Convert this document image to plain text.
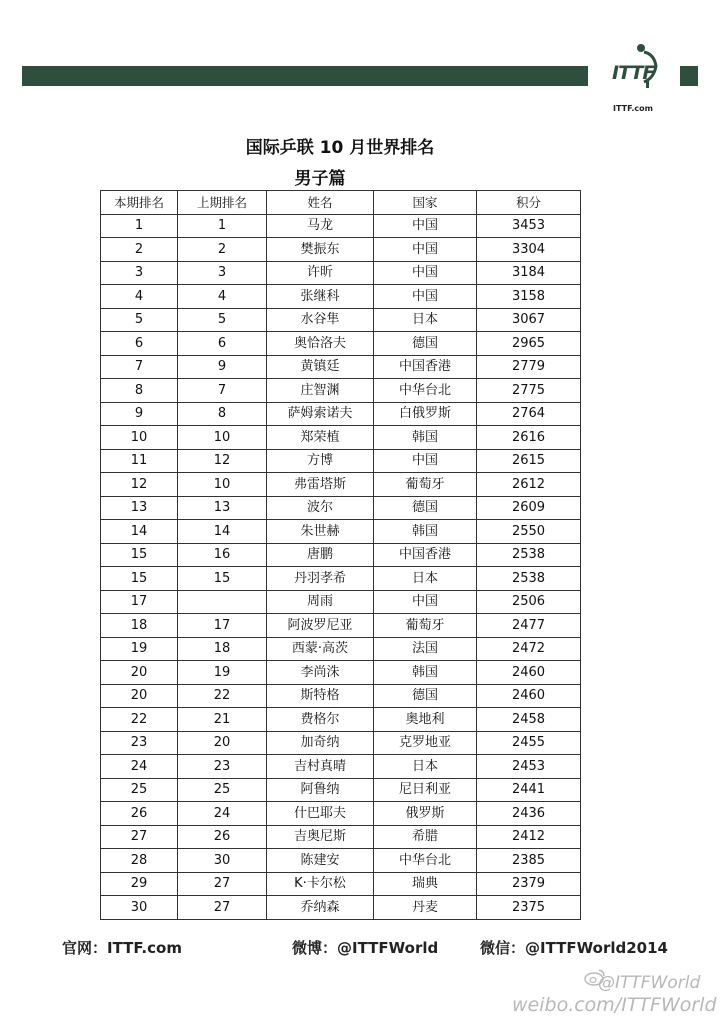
ITTF
ITTF.com
国际乒联 10 月世界排名
男子篇
本期排名	上期排名	姓名	国家	积分
1	1	马龙	中国	3453
2	2	樊振东	中国	3304
3	3	许昕	中国	3184
4	4	张继科	中国	3158
5	5	水谷隼	日本	3067
6	6	奥恰洛夫	德国	2965
7	9	黄镇廷	中国香港	2779
8	7	庄智渊	中华台北	2775
9	8	萨姆索诺夫	白俄罗斯	2764
10	10	郑荣植	韩国	2616
11	12	方博	中国	2615
12	10	弗雷塔斯	葡萄牙	2612
13	13	波尔	德国	2609
14	14	朱世赫	韩国	2550
15	16	唐鹏	中国香港	2538
15	15	丹羽孝希	日本	2538
17		周雨	中国	2506
18	17	阿波罗尼亚	葡萄牙	2477
19	18	西蒙·高茨	法国	2472
20	19	李尚洙	韩国	2460
20	22	斯特格	德国	2460
22	21	费格尔	奥地利	2458
23	20	加奇纳	克罗地亚	2455
24	23	吉村真晴	日本	2453
25	25	阿鲁纳	尼日利亚	2441
26	24	什巴耶夫	俄罗斯	2436
27	26	吉奥尼斯	希腊	2412
28	30	陈建安	中华台北	2385
29	27	K·卡尔松	瑞典	2379
30	27	乔纳森	丹麦	2375
官网：ITTF.com	微博：@ITTFWorld	微信：@ITTFWorld2014
@ITTFWorld
weibo.com/ITTFWorld
